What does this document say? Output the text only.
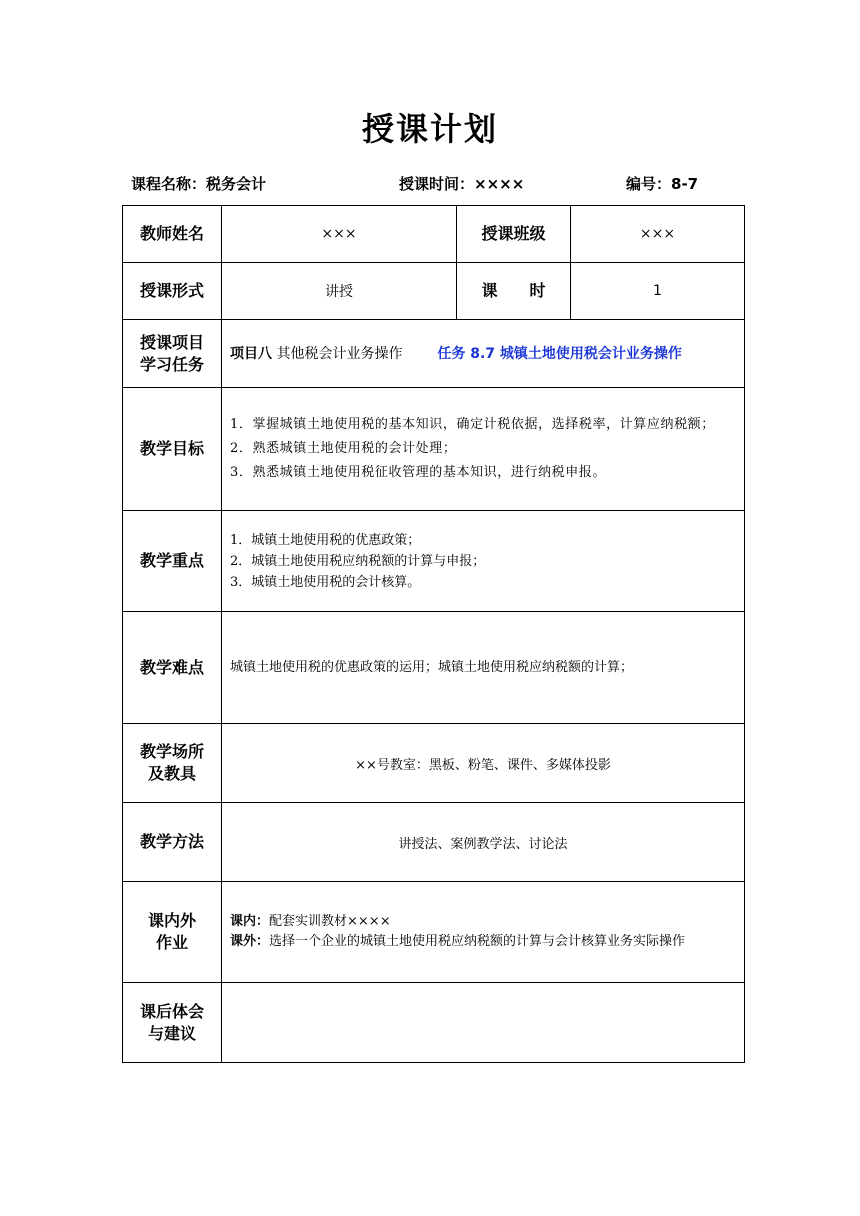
授课计划
课程名称：税务会计	授课时间：××××	编号：8-7
教师姓名	×××	授课班级	×××
授课形式	讲授	课　　时	1

授课项目
学习任务	项目八 其他税会计业务操作 任务 8.7 城镇土地使用税会计业务操作		
教学目标	1．掌握城镇土地使用税的基本知识，确定计税依据，选择税率，计算应纳税额；
2．熟悉城镇土地使用税的会计处理；
3．熟悉城镇土地使用税征收管理的基本知识，进行纳税申报。		

教学重点	1．城镇土地使用税的优惠政策；
2．城镇土地使用税应纳税额的计算与申报；
3．城镇土地使用税的会计核算。		

教学难点	城镇土地使用税的优惠政策的运用；城镇土地使用税应纳税额的计算；		

教学场所
及教具	××号教室：黑板、粉笔、课件、多媒体投影		
教学方法	讲授法、案例教学法、讨论法		

课内外
作业	课内：配套实训教材××××
课外：选择一个企业的城镇土地使用税应纳税额的计算与会计核算业务实际操作		

课后体会
与建议			
